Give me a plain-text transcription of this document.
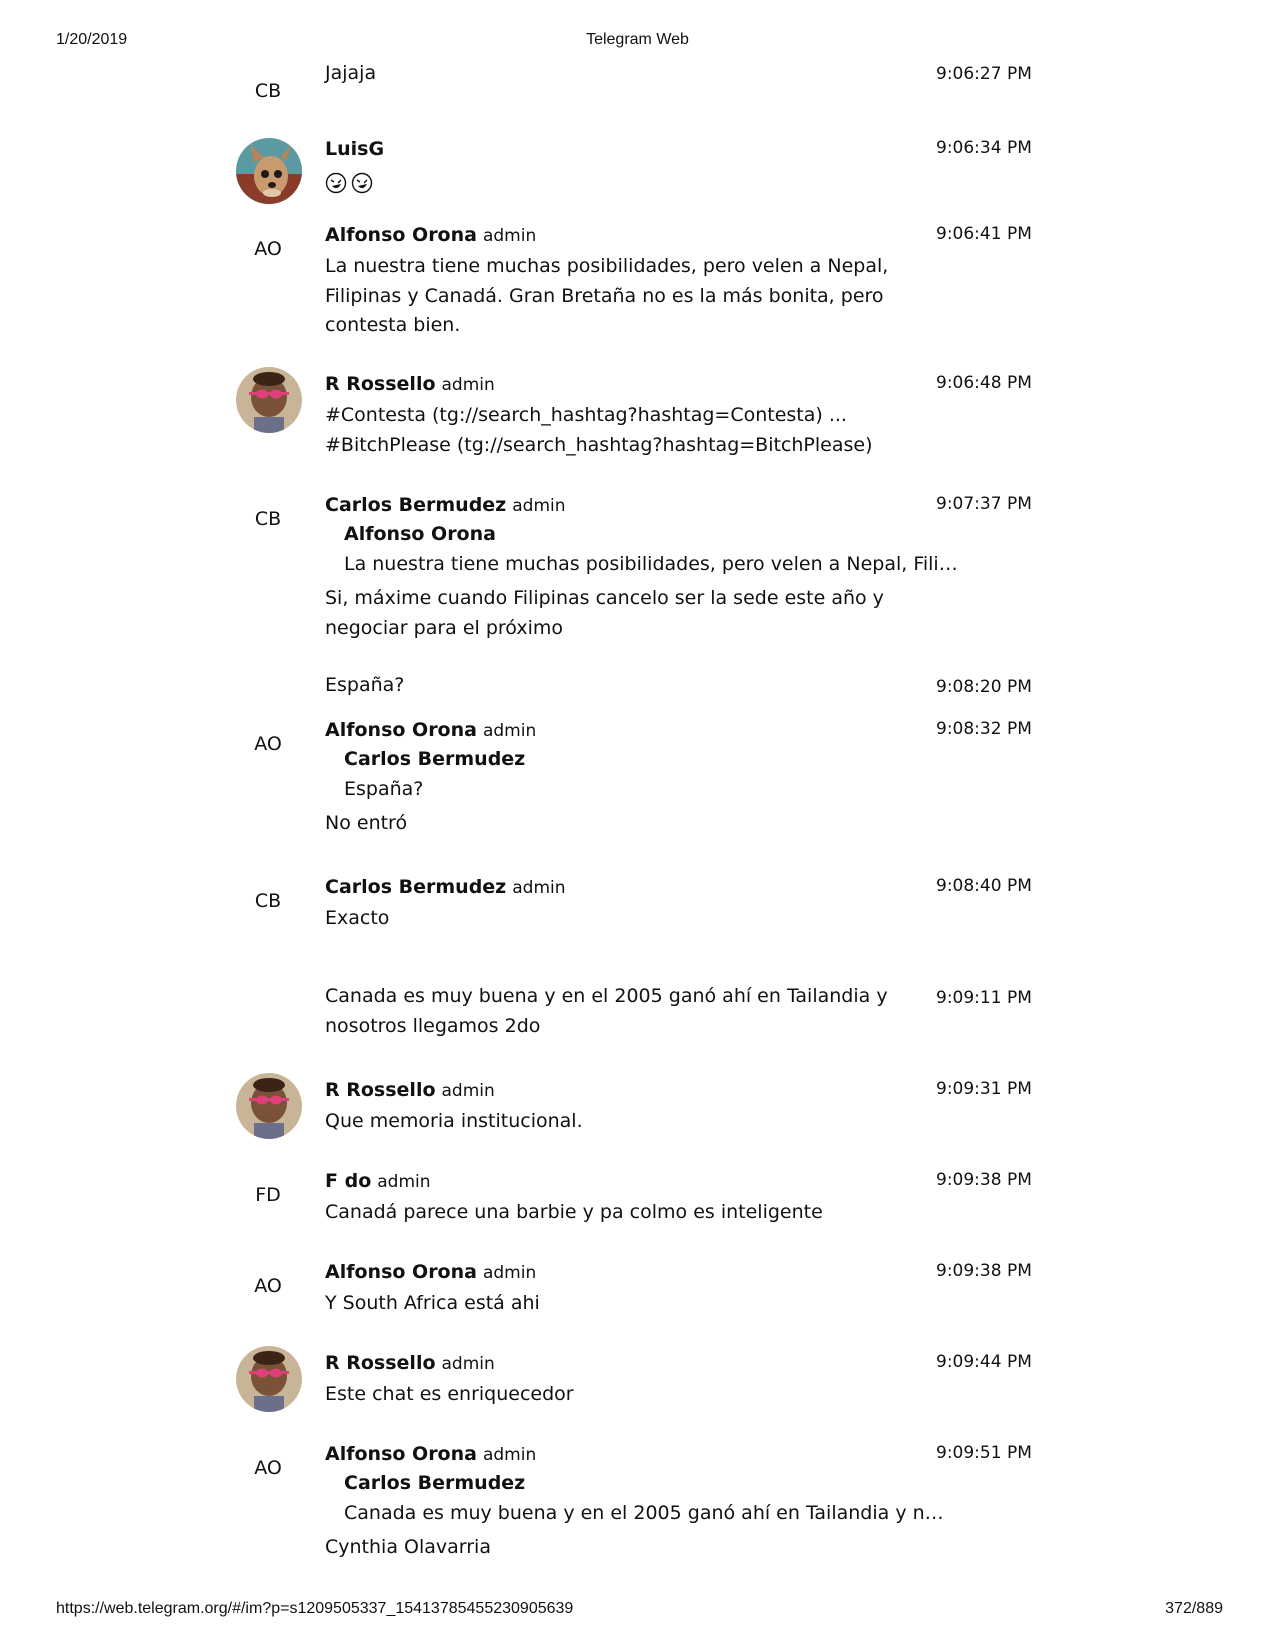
1/20/2019	Telegram Web
CB
Jajaja	9:06:27 PM
LuisG	9:06:34 PM
AO
Alfonso Orona admin	9:06:41 PM
La nuestra tiene muchas posibilidades, pero velen a Nepal,
Filipinas y Canadá. Gran Bretaña no es la más bonita, pero
contesta bien.
R Rossello admin	9:06:48 PM
#Contesta (tg://search_hashtag?hashtag=Contesta) ...
#BitchPlease (tg://search_hashtag?hashtag=BitchPlease)
CB
Carlos Bermudez admin	9:07:37 PM
Alfonso Orona
La nuestra tiene muchas posibilidades, pero velen a Nepal, Fili…
Si, máxime cuando Filipinas cancelo ser la sede este año y
negociar para el próximo
España?	9:08:20 PM
AO
Alfonso Orona admin	9:08:32 PM
Carlos Bermudez
España?
No entró
CB
Carlos Bermudez admin	9:08:40 PM
Exacto
Canada es muy buena y en el 2005 ganó ahí en Tailandia y
nosotros llegamos 2do
9:09:11 PM
R Rossello admin	9:09:31 PM
Que memoria institucional.
FD
F do admin	9:09:38 PM
Canadá parece una barbie y pa colmo es inteligente
AO
Alfonso Orona admin	9:09:38 PM
Y South Africa está ahi
R Rossello admin	9:09:44 PM
Este chat es enriquecedor
AO
Alfonso Orona admin	9:09:51 PM
Carlos Bermudez
Canada es muy buena y en el 2005 ganó ahí en Tailandia y n…
Cynthia Olavarria
https://web.telegram.org/#/im?p=s1209505337_15413785455230905639	372/889
